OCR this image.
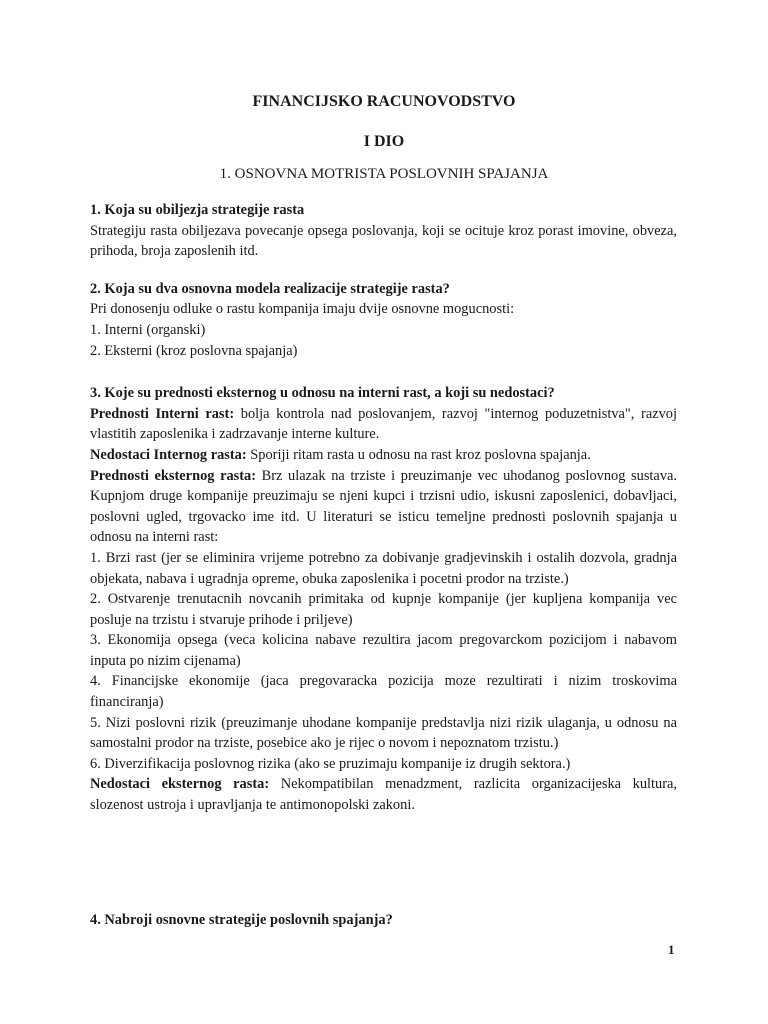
FINANCIJSKO RACUNOVODSTVO
I DIO
1. OSNOVNA MOTRISTA POSLOVNIH SPAJANJA

1. Koja su obiljezja strategije rasta

Strategiju rasta obiljezava povecanje opsega poslovanja, koji se ocituje kroz porast imovine, obveza, prihoda, broja zaposlenih itd.

2. Koja su dva osnovna modela realizacije strategije rasta?

Pri donosenju odluke o rastu kompanija imaju dvije osnovne mogucnosti:

1. Interni (organski)

2. Eksterni (kroz poslovna spajanja)

3. Koje su prednosti eksternog u odnosu na interni rast, a koji su nedostaci?

Prednosti Interni rast: bolja kontrola nad poslovanjem, razvoj "internog poduzetnistva", razvoj vlastitih zaposlenika i zadrzavanje interne kulture.

Nedostaci Internog rasta: Sporiji ritam rasta u odnosu na rast kroz poslovna spajanja.

Prednosti eksternog rasta: Brz ulazak na trziste i preuzimanje vec uhodanog poslovnog sustava. Kupnjom druge kompanije preuzimaju se njeni kupci i trzisni udio, iskusni zaposlenici, dobavljaci, poslovni ugled, trgovacko ime itd. U literaturi se isticu temeljne prednosti poslovnih spajanja u odnosu na interni rast:

1. Brzi rast (jer se eliminira vrijeme potrebno za dobivanje gradjevinskih i ostalih dozvola, gradnja objekata, nabava i ugradnja opreme, obuka zaposlenika i pocetni prodor na trziste.)

2. Ostvarenje trenutacnih novcanih primitaka od kupnje kompanije (jer kupljena kompanija vec posluje na trzistu i stvaruje prihode i priljeve)

3. Ekonomija opsega (veca kolicina nabave rezultira jacom pregovarckom pozicijom i nabavom inputa po nizim cijenama)

4. Financijske ekonomije (jaca pregovaracka pozicija moze rezultirati i nizim troskovima financiranja)

5. Nizi poslovni rizik (preuzimanje uhodane kompanije predstavlja nizi rizik ulaganja, u odnosu na samostalni prodor na trziste, posebice ako je rijec o novom i nepoznatom trzistu.)

6. Diverzifikacija poslovnog rizika (ako se pruzimaju kompanije iz drugih sektora.)

Nedostaci eksternog rasta: Nekompatibilan menadzment, razlicita organizacijeska kultura, slozenost ustroja i upravljanja te antimonopolski zakoni.

4. Nabroji osnovne strategije poslovnih spajanja?

1
